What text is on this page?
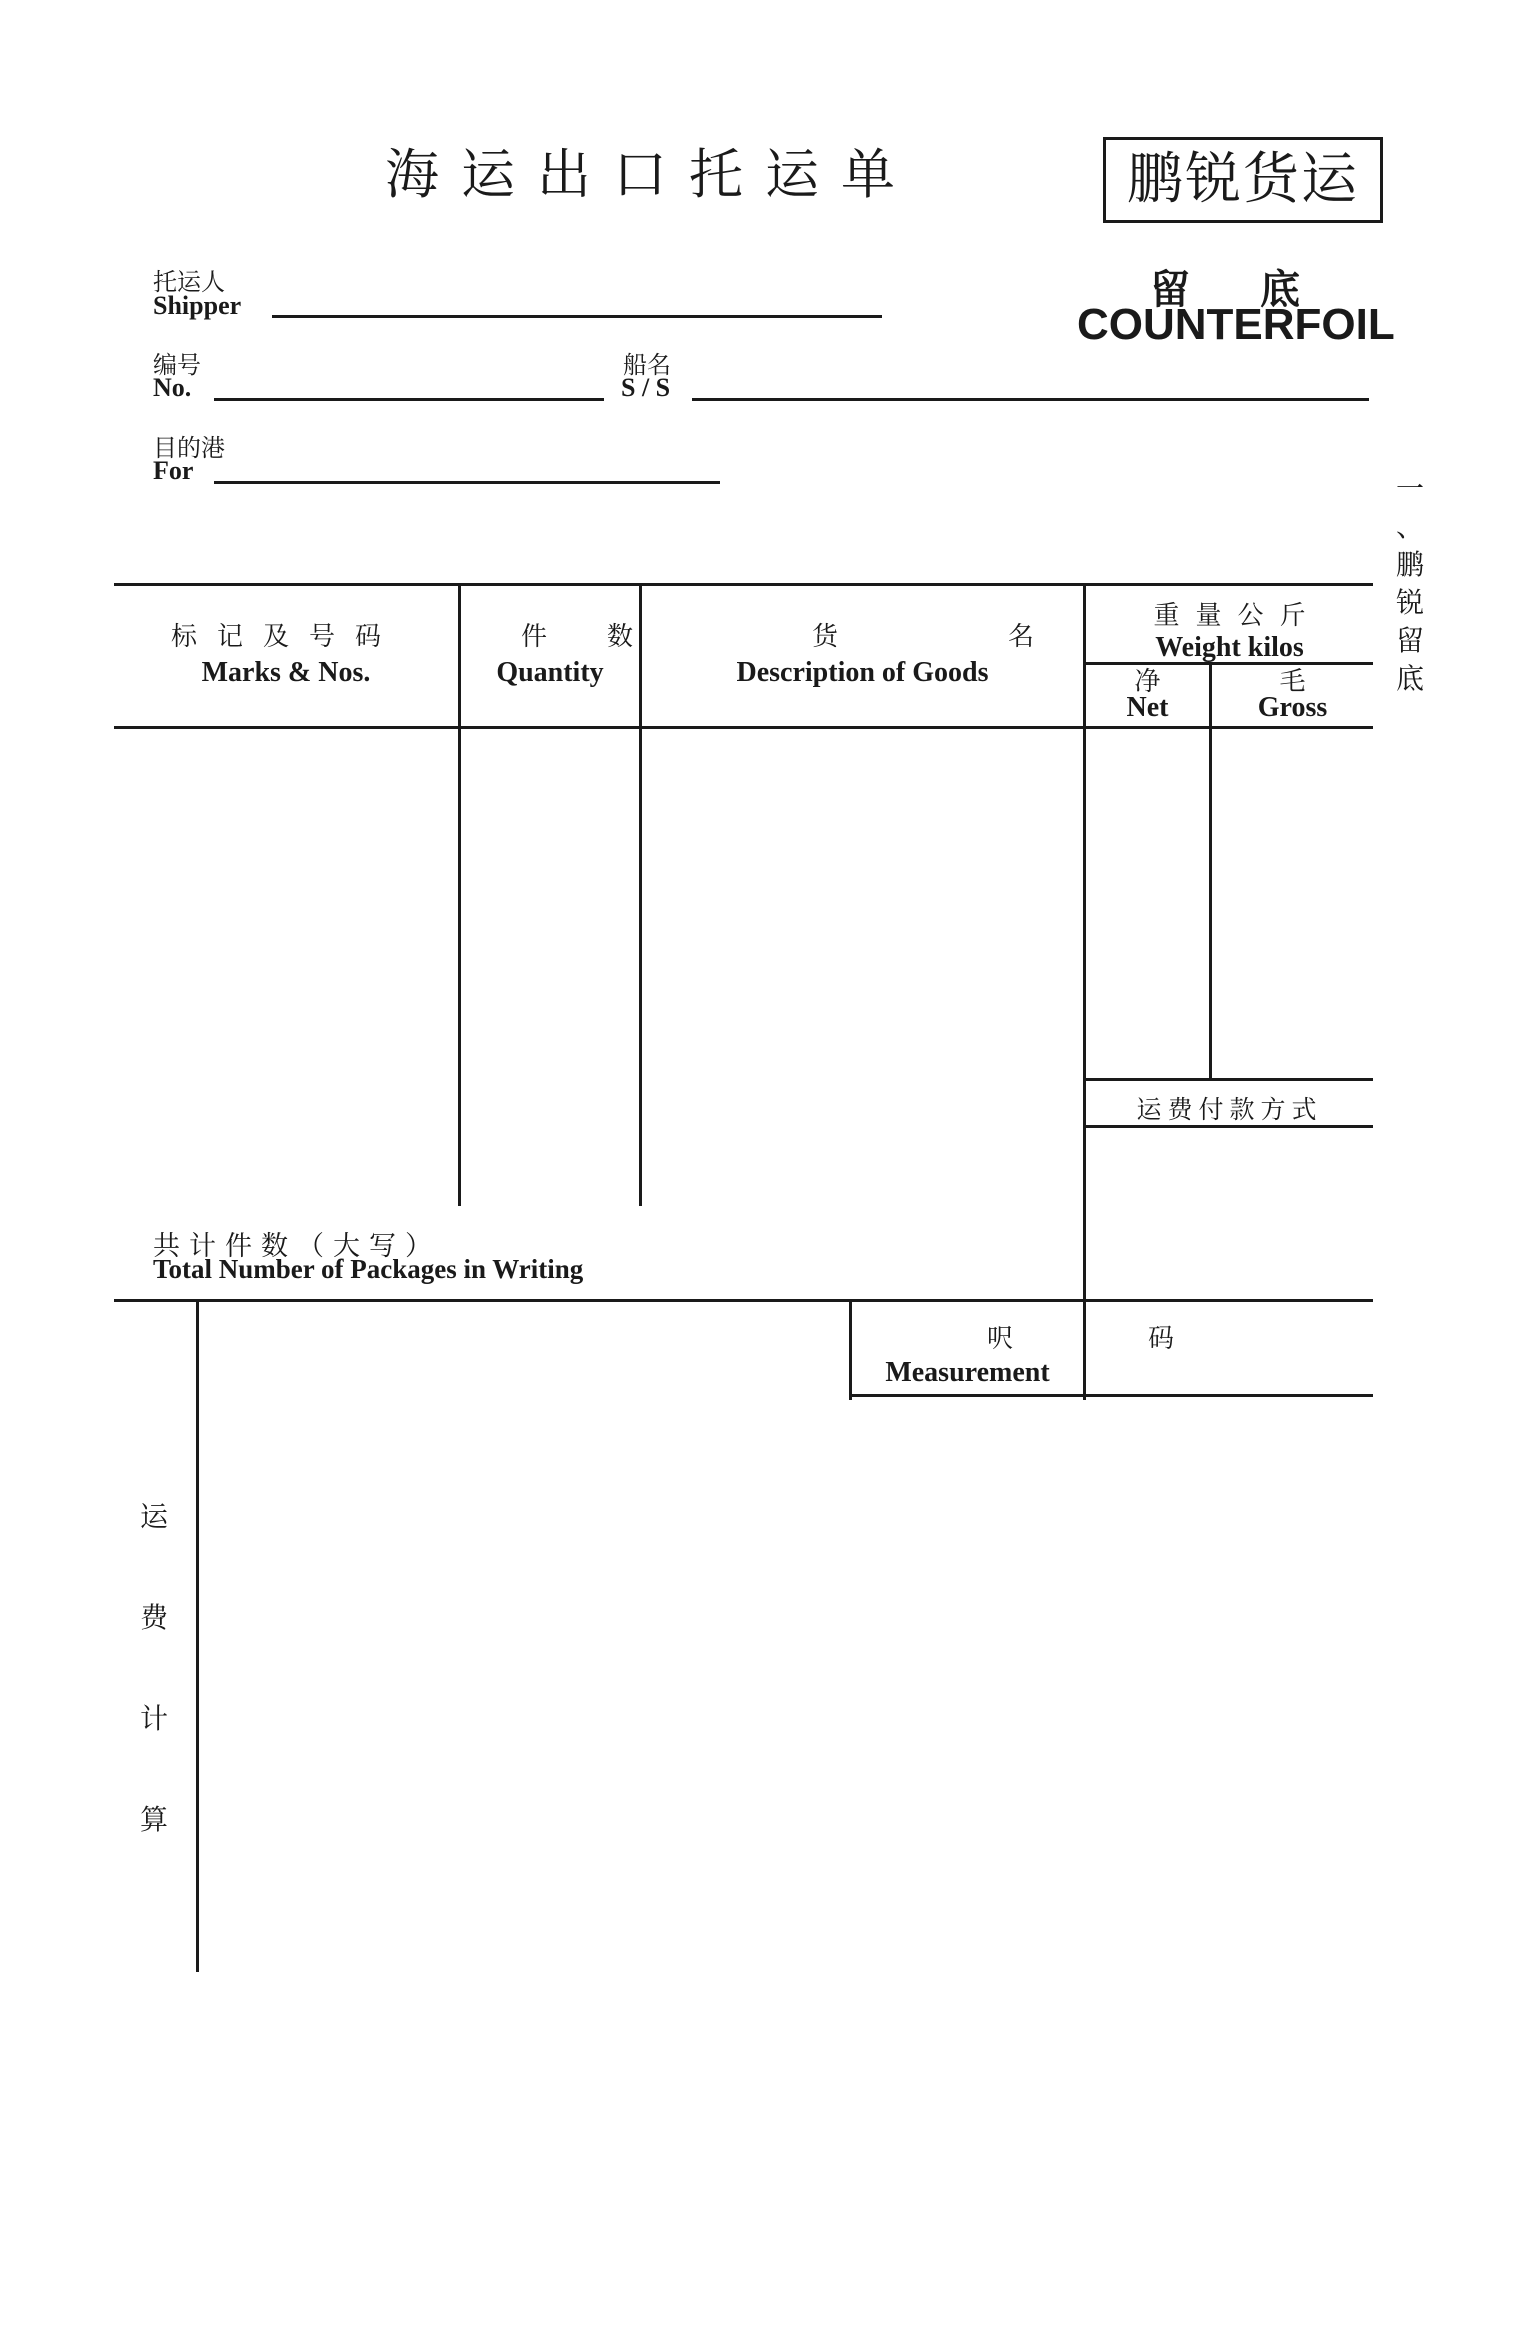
海运出口托运单	鹏锐货运
留底
COUNTERFOIL
托运人
Shipper
编号
No.
船名
S / S
目的港
For
一
、
鹏
锐
留
底
标记及号码
Marks & Nos.
件数
Quantity
货名
Description of Goods
重量公斤
Weight kilos
净
Net
毛
Gross
运费付款方式
共计件数（大写）
Total Number of Packages in Writing
呎码
Measurement
运
费
计
算
